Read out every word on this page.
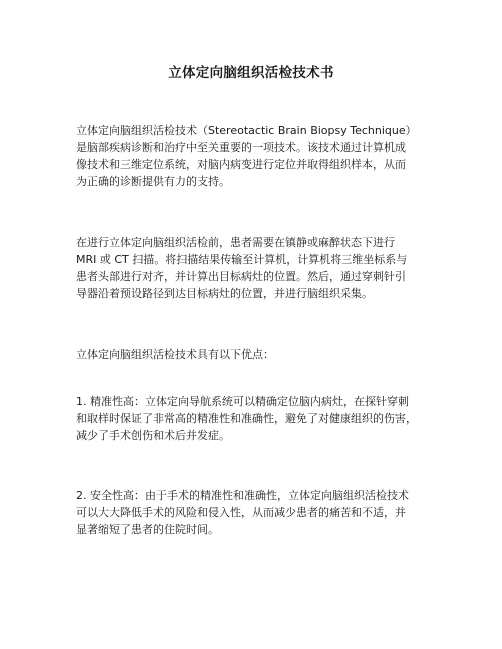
立体定向脑组织活检技术书
立体定向脑组织活检技术（Stereotactic Brain Biopsy Technique）
是脑部疾病诊断和治疗中至关重要的一项技术。该技术通过计算机成
像技术和三维定位系统，对脑内病变进行定位并取得组织样本，从而
为正确的诊断提供有力的支持。
在进行立体定向脑组织活检前，患者需要在镇静或麻醉状态下进行
MRI 或 CT 扫描。将扫描结果传输至计算机，计算机将三维坐标系与
患者头部进行对齐，并计算出目标病灶的位置。然后，通过穿刺针引
导器沿着预设路径到达目标病灶的位置，并进行脑组织采集。
立体定向脑组织活检技术具有以下优点：
1. 精准性高：立体定向导航系统可以精确定位脑内病灶，在探针穿刺
和取样时保证了非常高的精准性和准确性，避免了对健康组织的伤害，
减少了手术创伤和术后并发症。
2. 安全性高：由于手术的精准性和准确性，立体定向脑组织活检技术
可以大大降低手术的风险和侵入性，从而减少患者的痛苦和不适，并
显著缩短了患者的住院时间。
